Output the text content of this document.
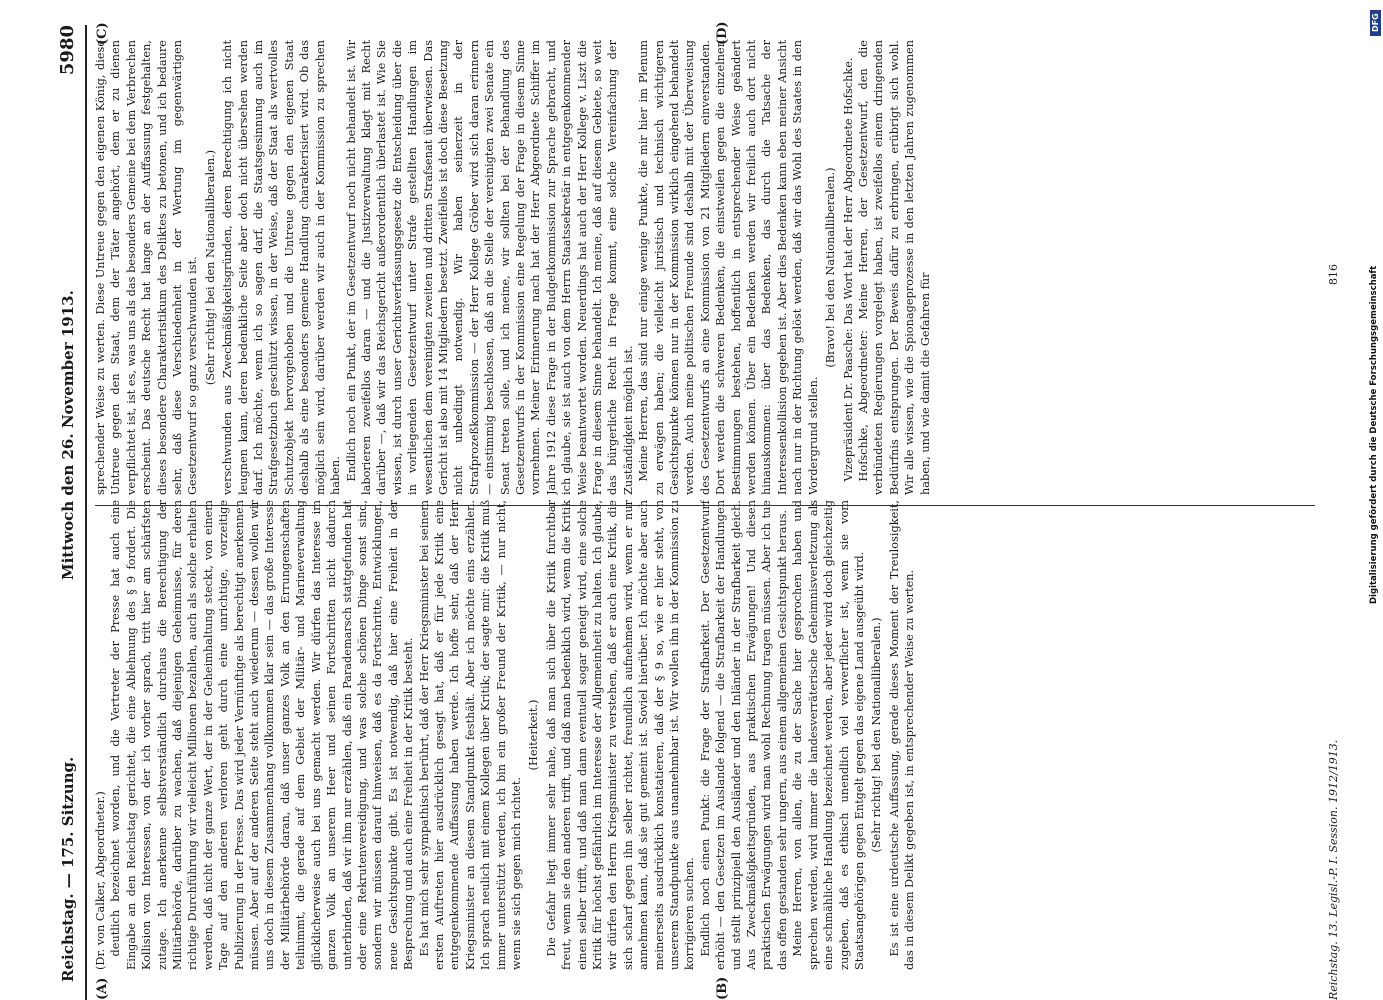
Reichstag. — 175. Sitzung.
Mittwoch den 26. November 1913.
5980
(A)	(B)
(C)	(D)

(Dr. von Calker, Abgeordneter.) deutlich bezeichnet worden, und die Vertreter der Presse hat auch eine Eingabe an den Reichstag gerichtet, die eine Ablehnung des § 9 fordert. Die Kollision von Interessen, von der ich vorher sprach, tritt hier am schärfsten zutage. Ich anerkenne selbstverständlich durchaus die Berechtigung der Militärbehörde, darüber zu wachen, daß diejenigen Geheimnisse, für deren richtige Durchführung wir vielleicht Millionen bezahlen, auch als solche erhalten werden, daß nicht der ganze Wert, der in der Geheimhaltung steckt, von einem Tage auf den anderen verloren geht durch eine unrichtige, vorzeitige Publizierung in der Presse. Das wird jeder Vernünftige als berechtigt anerkennen müssen. Aber auf der anderen Seite steht auch wiederum — dessen wollen wir uns doch in diesem Zusammenhang vollkommen klar sein — das große Interesse der Militärbehörde daran, daß unser ganzes Volk an den Errungenschaften teilnimmt, die gerade auf dem Gebiet der Militär- und Marineverwaltung glücklicherweise auch bei uns gemacht werden. Wir dürfen das Interesse im ganzen Volk an unserem Heer und seinen Fortschritten nicht dadurch unterbinden, daß wir ihm nur erzählen, daß ein Parademarsch stattgefunden hat oder eine Rekrutenvereidigung, und was solche schönen Dinge sonst sind, sondern wir müssen darauf hinweisen, daß es da Fortschritte, Entwicklungen, neue Gesichtspunkte gibt. Es ist notwendig, daß hier eine Freiheit in der Besprechung und auch eine Freiheit in der Kritik besteht. Es hat mich sehr sympathisch berührt, daß der Herr Kriegsminister bei seinem ersten Auftreten hier ausdrücklich gesagt hat, daß er für jede Kritik eine entgegenkommende Auffassung haben werde. Ich hoffe sehr, daß der Herr Kriegsminister an diesem Standpunkt festhält. Aber ich möchte eins erzählen. Ich sprach neulich mit einem Kollegen über Kritik; der sagte mir: die Kritik muß immer unterstützt werden, ich bin ein großer Freund der Kritik, — nur nicht, wenn sie sich gegen mich richtet.

(Heiterkeit.) Die Gefahr liegt immer sehr nahe, daß man sich über die Kritik furchtbar freut, wenn sie den anderen trifft, und daß man bedenklich wird, wenn die Kritik einen selber trifft, und daß man dann eventuell sogar geneigt wird, eine solche Kritik für höchst gefährlich im Interesse der Allgemeinheit zu halten. Ich glaube, wir dürfen den Herrn Kriegsminister zu verstehen, daß er auch eine Kritik, die sich scharf gegen ihn selber richtet, freundlich aufnehmen wird, wenn er nur annehmen kann, daß sie gut gemeint ist. Soviel hierüber. Ich möchte aber auch meinerseits ausdrücklich konstatieren, daß der § 9 so, wie er hier steht, von unserem Standpunkte aus unannehmbar ist. Wir wollen ihn in der Kommission zu korrigieren suchen. Endlich noch einen Punkt: die Frage der Strafbarkeit. Der Gesetzentwurf erhöht — den Gesetzen im Auslande folgend — die Strafbarkeit der Handlungen und stellt prinzipiell den Ausländer und den Inländer in der Strafbarkeit gleich. Aus Zweckmäßigkeitsgründen, aus praktischen Erwägungen! Und diesen praktischen Erwägungen wird man wohl Rechnung tragen müssen. Aber ich tue das offen gestanden sehr ungern, aus einem allgemeinen Gesichtspunkt heraus. Meine Herren, von allen, die zu der Sache hier gesprochen haben und sprechen werden, wird immer die landesverräterische Geheimnisverletzung als eine schmähliche Handlung bezeichnet werden, aber jeder wird doch gleichzeitig zugeben, daß es ethisch unendlich viel verwerflicher ist, wenn sie vom Staatsangehörigen gegen Entgelt gegen das eigene Land ausgeübt wird. (Sehr richtig! bei den Nationalliberalen.) Es ist eine urdeutsche Auffassung, gerade dieses Moment der Treulosigkeit, das in diesem Delikt gegeben ist, in entsprechender Weise zu werten.

sprechender Weise zu werten. Diese Untreue gegen den eigenen König, diese Untreue gegen den Staat, dem der Täter angehört, dem er zu dienen verpflichtet ist, ist es, was uns als das besonders Gemeine bei dem Verbrechen erscheint. Das deutsche Recht hat lange an der Auffassung festgehalten, dieses besondere Charakteristikum des Deliktes zu betonen, und ich bedaure sehr, daß diese Verschiedenheit in der Wertung im gegenwärtigen Gesetzentwurf so ganz verschwunden ist. (Sehr richtig! bei den Nationalliberalen.) verschwunden aus Zweckmäßigkeitsgründen, deren Berechtigung ich nicht leugnen kann, deren bedenkliche Seite aber doch nicht übersehen werden darf. Ich möchte, wenn ich so sagen darf, die Staatsgesinnung auch im Strafgesetzbuch geschützt wissen, in der Weise, daß der Staat als wertvolles Schutzobjekt hervorgehoben und die Untreue gegen den eigenen Staat deshalb als eine besonders gemeine Handlung charakterisiert wird. Ob das möglich sein wird, darüber werden wir auch in der Kommission zu sprechen haben. Endlich noch ein Punkt, der im Gesetzentwurf noch nicht behandelt ist. Wir laborieren zweifellos daran — und die Justizverwaltung klagt mit Recht darüber —, daß wir das Reichsgericht außerordentlich überlastet ist. Wie Sie wissen, ist durch unser Gerichtsverfassungsgesetz die Entscheidung über die in vorliegenden Gesetzentwurf unter Strafe gestellten Handlungen im wesentlichen dem vereinigten zweiten und dritten Strafsenat überwiesen. Das Gericht ist also mit 14 Mitgliedern besetzt. Zweifellos ist doch diese Besetzung nicht unbedingt notwendig. Wir haben seinerzeit in der Strafprozeßkommission — der Herr Kollege Gröber wird sich daran erinnern — einstimmig beschlossen, daß an die Stelle der vereinigten zwei Senate ein Senat treten solle, und ich meine, wir sollten bei der Behandlung des Gesetzentwurfs in der Kommission eine Regelung der Frage in diesem Sinne vornehmen. Meiner Erinnerung nach hat der Herr Abgeordnete Schiffer im Jahre 1912 diese Frage in der Budgetkommission zur Sprache gebracht, und ich glaube, sie ist auch von dem Herrn Staatssekretär in entgegenkommender Weise beantwortet worden. Neuerdings hat auch der Herr Kollege v. Liszt die Frage in diesem Sinne behandelt. Ich meine, daß auf diesem Gebiete, so weit das bürgerliche Recht in Frage kommt, eine solche Vereinfachung der Zuständigkeit möglich ist. Meine Herren, das sind nur einige wenige Punkte, die mir hier im Plenum zu erwägen haben; die vielleicht juristisch und technisch wichtigeren Gesichtspunkte können nur in der Kommission wirklich eingehend behandelt werden. Auch meine politischen Freunde sind deshalb mit der Überweisung des Gesetzentwurfs an eine Kommission von 21 Mitgliedern einverstanden. Dort werden die schweren Bedenken, die einstweilen gegen die einzelnen Bestimmungen bestehen, hoffentlich in entsprechender Weise geändert werden können. Über ein Bedenken werden wir freilich auch dort nicht hinauskommen: über das Bedenken, das durch die Tatsache der Interessenkollision gegeben ist. Aber dies Bedenken kann eben meiner Ansicht nach nur in der Richtung gelöst werden, daß wir das Wohl des Staates in den Vordergrund stellen.

(Bravo! bei den Nationalliberalen.) Vizepräsident Dr. Paasche: Das Wort hat der Herr Abgeordnete Hofschke. Hofschke, Abgeordneter: Meine Herren, der Gesetzentwurf, den die verbündeten Regierungen vorgelegt haben, ist zweifellos einem dringenden Bedürfnis entsprungen. Der Beweis dafür zu erbringen, erübrigt sich wohl. Wir alle wissen, wie die Spionageprozesse in den letzten Jahren zugenommen haben, und wie damit die Gefahren für

Reichstag. 13. Legisl.-P. I. Session. 1912/1913.
816
DFG
Digitalisierung gefördert durch die Deutsche Forschungsgemeinschaft
